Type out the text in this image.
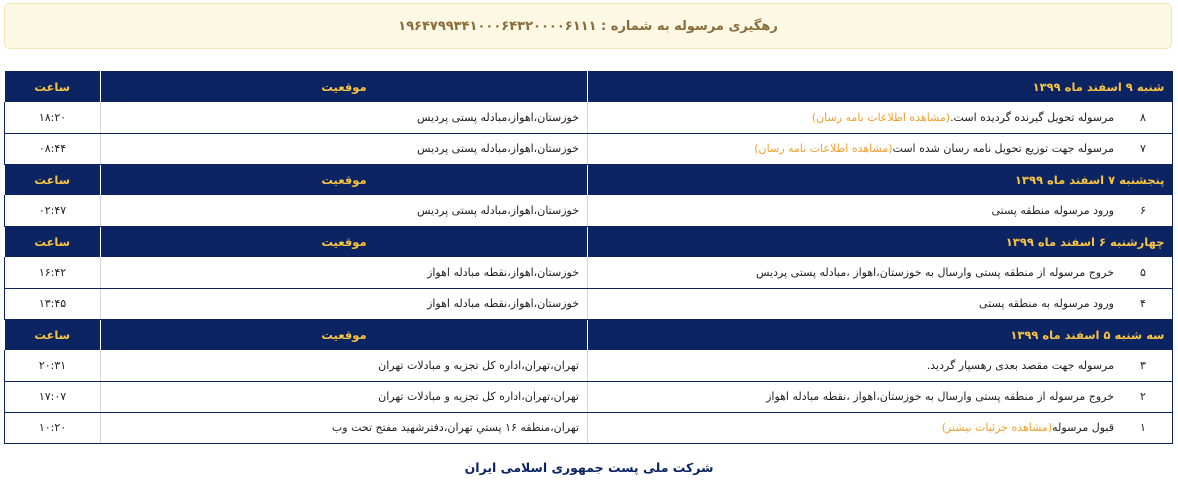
رهگیری مرسوله به شماره : ۱۹۶۴۷۹۹۳۴۱۰۰۰۶۴۳۲۰۰۰۰۶۱۱۱
شنبه ۹ اسفند ماه ۱۳۹۹	موقعیت	ساعت

۸
مرسوله تحویل گیرنده گردیده است.(مشاهده اطلاعات نامه رسان)	خوزستان،اهواز،مبادله پستی پردیس	۱۸:۲۰

۷
مرسوله جهت توزیع تحویل نامه رسان شده است(مشاهده اطلاعات نامه رسان)	خوزستان،اهواز،مبادله پستی پردیس	۰۸:۴۴
پنجشنبه ۷ اسفند ماه ۱۳۹۹	موقعیت	ساعت

۶
ورود مرسوله منطقه پستی	خوزستان،اهواز،مبادله پستی پردیس	۰۲:۴۷
چهارشنبه ۶ اسفند ماه ۱۳۹۹	موقعیت	ساعت

۵
خروج مرسوله از منطقه پستی وارسال به خوزستان،اهواز ،مبادله پستی پردیس	خوزستان،اهواز،نقطه مبادله اهواز	۱۶:۴۲

۴
ورود مرسوله به منطقه پستی	خوزستان،اهواز،نقطه مبادله اهواز	۱۳:۴۵
سه شنبه ۵ اسفند ماه ۱۳۹۹	موقعیت	ساعت

۳
مرسوله جهت مقصد بعدی رهسپار گردید.	تهران،تهران،اداره کل تجزیه و مبادلات تهران	۲۰:۳۱

۲
خروج مرسوله از منطقه پستی وارسال به خوزستان،اهواز ،نقطه مبادله اهواز	تهران،تهران،اداره کل تجزیه و مبادلات تهران	۱۷:۰۷

۱
قبول مرسوله(مشاهده جزئیات بیشتر)	تهران،منطقه ۱۶ پستي تهران،دفترشهید مفتح تحت وب	۱۰:۲۰
شرکت ملی پست جمهوری اسلامی ایران
